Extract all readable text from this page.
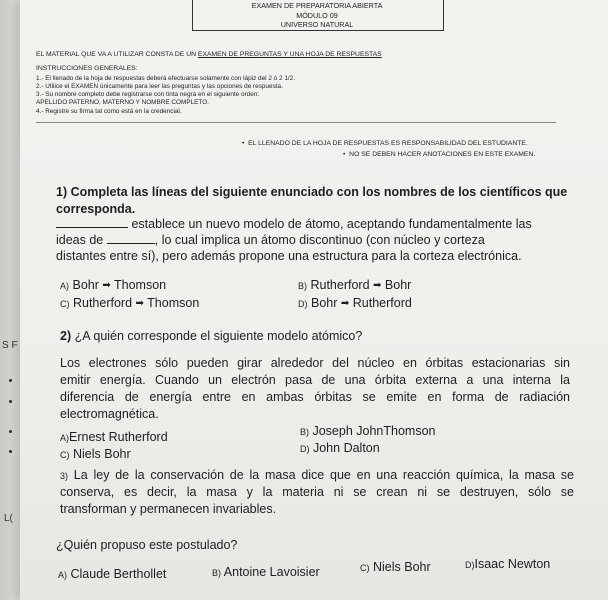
S F
L(
EXAMEN DE PREPARATORIA ABIERTA
MÓDULO 09
UNIVERSO NATURAL
EL MATERIAL QUE VA A UTILIZAR CONSTA DE UN EXAMEN DE PREGUNTAS Y UNA HOJA DE RESPUESTAS
INSTRUCCIONES GENERALES:
1.- El llenado de la hoja de respuestas deberá efectuarse solamente con lápiz del 2 ó 2 1/2.
2.- Utilice el EXAMEN únicamente para leer las preguntas y las opciones de respuesta.
3.- Su nombre completo debe registrarse con tinta negra en el siguiente orden:
APELLIDO PATERNO, MATERNO Y NOMBRE COMPLETO.
4.- Registre su firma tal como está en la credencial.
•  EL LLENADO DE LA HOJA DE RESPUESTAS ES RESPONSABILIDAD DEL ESTUDIANTE.
•  NO SE DEBEN HACER ANOTACIONES EN ESTE EXAMEN.
1) Completa las líneas del siguiente enunciado con los nombres de los científicos que
corresponda.
establece un nuevo modelo de átomo, aceptando fundamentalmente las
ideas de	, lo cual implica un átomo discontinuo (con núcleo y corteza
distantes entre sí), pero además propone una estructura para la corteza electrónica.
A) Bohr ➡ Thomson	B) Rutherford ➡ Bohr
C) Rutherford ➡ Thomson	D) Bohr ➡ Rutherford
2) ¿A quién corresponde el siguiente modelo atómico?
Los electrones sólo pueden girar alrededor del núcleo en órbitas estacionarias sin
emitir energía. Cuando un electrón pasa de una órbita externa a una interna la
diferencia de energía entre en ambas órbitas se emite en forma de radiación
electromagnética.
A)Ernest Rutherford	B) Joseph JohnThomson
C) Niels Bohr	D) John Dalton
3) La ley de la conservación de la masa dice que en una reacción química, la masa se
conserva, es decir, la masa y la materia ni se crean ni se destruyen, sólo se
transforman y permanecen invariables.
¿Quién propuso este postulado?
A) Claude Berthollet	B) Antoine Lavoisier	C) Niels Bohr	D)Isaac Newton
